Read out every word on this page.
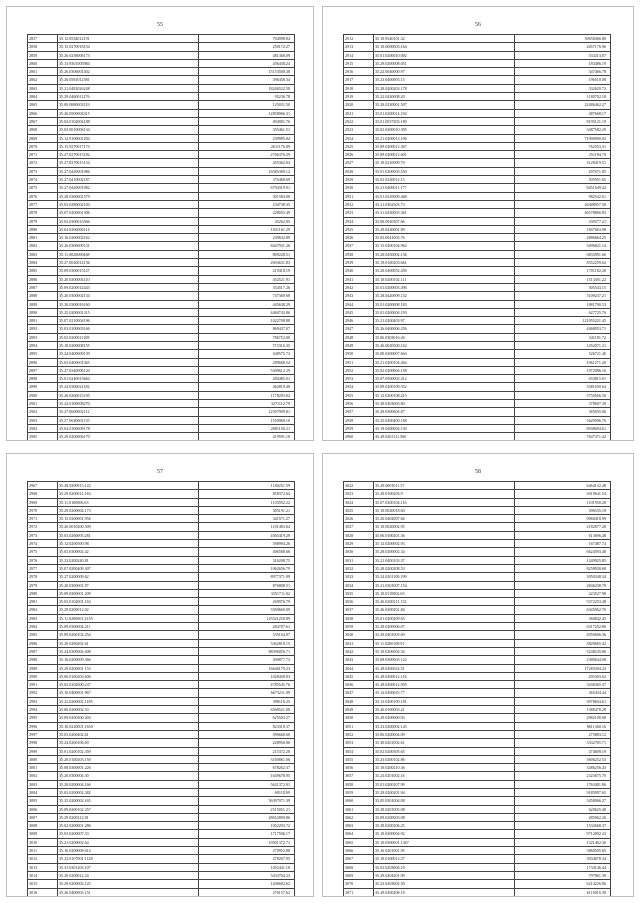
55
2857	35.12.8534012191	704998.84
2858	35.15.0270918154	250172.27
2859	35.26.0258006173	481368.09
2860	35.13.9301005984	456438.24
2861	35.26.0306001402	15153500.38
2862	35.26.0581012581	396458.34
2863	35.21.0481026248	18246522.58
2864	35.29.0460011276	95236.78
2865	35.00.0680003119	125031.50
2866	35.26.0500004315	12858066.31
2867	35.04.0102004188	494901.76
2868	35.03.0010006134	355461.51
2869	35.12.9100001294	239995.84
2870	35.15.9270017173	2611176.89
2871	35.27.0270015182	2706376.29
2872	35.27.8370015154	455362.03
2873	35.27.0420001986	16585369.12
2874	35.27.0410002187	376468.69
2875	35.27.0420001982	6794319.91
2876	35.28.0300001579	301584.08
2877	35.03.0280002184	104738.35
2878	35.07.0200001306	228055.49
2879	35.03.0300013566	45262.95
2880	35.04.0260006114	1031161.29
2881	35.16.0200002162	239632.89
2882	35.26.0300009131	8447931.26
2883	35.11.0020000468	809228.51
2884	35.27.0020014156	2694631.83
2885	35.09.0300015127	219418.19
2886	35.20.0300004110	452521.91
2887	35.09.0200012443	354517.26
2888	35.20.0300002134	747369.68
2889	35.20.0300016160	445638.29
2890	35.25.0200001315	4460743.86
2891	35.07.0210004196	1022708.88
2892	35.03.0100003166	869437.07
2893	35.03.0200011108	786752.00
2894	35.18.0200008155	715316.35
2895	35.24.0400009139	348575.73
2896	35.03.0400001365	289668.54
2897	35.27.0340006120	5309612.29
2898	35.01.0240013664	284485.01
2899	35.24.0300021182	462819.48
2900	35.26.0260015195	1178293.02
2901	35.24.0100008270	3271112.79
2902	35.27.0600002112	12507909.81
2903	35.27.0020001135	1550969.10
2904	35.04.0100009178	2081150.21
2905	35.29.0200006170	419591.18

56
2912	35.10.9340101.32	39658466.80
2913	35.10.0000003.164	2657176.96
2914	35.01.0200010.092	533213.07
2915	35.29.0200008.051	183486.19
2916	35.22.0040000.97	347466.78
2917	35.23.0400003.15	196510.08
2918	35.28.0200203.178	332629.72
2919	35.22.0430008.20	1180702.18
2920	35.20.0230001.507	22486462.27
2921	35.01.0200014.192	487668.17
2922	35.01.0037303.180	8195121.19
2923	35.02.0200010.395	3487582.29
2924	35.21.0200013.196	71900900.92
2925	35.09.0200012.367	762553.31
2926	35.09.0200012.601	251184.70
2927	35.10.0210009.70	3128419.51
2928	35.01.0200003.550	297671.85
2929	35.02.0230012.15	505951.65
2930	35.21.0400011.177	8451649.42
2931	35.01.0210009.468	982542.61
2932	35.21.0302503.73	26388957.58
2933	35.31.0430003.361	46578866.83
2934	35.08.0920307.66	439377.21
2935	35.29.0430001.89	1847663.08
2936	35.05.0041003.76	2886664.25
2937	35.15.0200104.962	3496821.14
2938	35.20.0450002.136	6835091.66
2939	35.19.0100203.661	8352259.62
2940	35.20.0400052.450	1701182.28
2941	35.10.0200102.111	1513301.22
2942	35.01.0200003.496	305543.15
2943	35.28.0420009.152	5109237.21
2944	35.01.0200008.183	1881790.53
2945	35.01.0200004.193	627725.76
2946	35.21.0200403.97	121055221.45
2947	35.26.0400006.256	4468053.71
2948	35.06.0303016.26	341181.72
2949	35.26.0020500.162	1452071.21
2950	35.00.0200007.664	526721.40
2951	35.21.0200104.464	1061271.20
2952	35.02.0200004.158	1072086.16
2953	35.07.0500003.412	653815.01
2954	35.09.0200109.352	3381650.64
2955	35.12.0200108.215	5750566.56
2956	35.30.0303003.80	378607.39
2957	35.29.0300604.87	365835.06
2958	35.25.0200400.168	5629596.76
2959	35.19.0400004.130	8038694.61
2960	35.29.0201111.560	7647371.42

57
2967	35.28.9200915.122	1180251.59
2968	35.29.0200012.163	858372.64
2969	35.11.0100006.63	1103592.22
2970	35.29.0200004.173	305191.21
2971	35.15.0200001.956	341571.27
2972	35.26.0010200.309	1101483.64
2973	35.03.0260005.281	4565419.29
2974	35.12.0200500.98	598994.26
2975	35.03.0300002.42	406568.66
2976	35.23.0200240.81	316208.75
2977	35.07.0200409.307	1062656.79
2978	35.27.0200009.62	8977371.99
2979	35.20.0300001.97	876808.51
2980	35.09.0300001.209	3351711.02
2981	35.03.0102001.163	269976.79
2982	35.29.0200012.02	3569660.09
2983	35.11.0200001.3135	125321250.89
2984	35.09.0300004.211	284707.61
2985	35.09.0200102.254	535164.07
2986	35.20.0200202.61	5362818.15
2987	35.24.0300004.408	88396056.71
2988	35.16.0200009.366	309877.73
2989	35.29.0200001.153	16646179.23
2990	35.06.0100203.606	1028458.83
2991	35.02.0102000.237	4785545.76
2992	35.10.0400001.967	6673211.09
2993	35.22.0200002.1185	398118.25
2994	35.06.0200002.54	6568521.08
2995	35.09.0200300.403	625503.27
2996	35.10.0220001.1650	823318.37
2997	35.03.0200402.61	590668.60
2998	35.24.0200106.69	228956.86
2999	35.01.0200102.359	215372.28
3000	35.20.0100203.150	3160861.06
3001	35.08.0300001.226	678262.37
3002	35.20.0300004.30	1649678.95
3003	35.20.0200004.166	5621372.91
3004	35.03.0200002.382	69118.09
3005	35.25.0200002.165	56397071.39
3006	35.09.0200102.257	2515051.21
3007	35.29.0200312.81	28652800.86
3008	35.02.0200001.286	1052293.72
3009	35.03.0200007.33	1717506.17
3010	35.21.0200002.64	19501372.71
3011	35.16.0200008.614	270952.88
3012	35.23.0107001.1128	278207.95
3013	35.31.0301203.107	1052441.18
3014	35.20.0200012.24	5433704.23
3015	35.29.0200002.125	1436602.62
3016	35.26.0400003.151	276157.62

58
3022	35.29.0001011.57	6464132.48
3023	35.20.0100203.9	3019641.54
3024	35.07.0200104.116	1101950.28
3025	35.10.0020018.60	396535.18
3026	35.26.0402007.66	9060418.99
3027	35.10.0020002.95	2182877.28
3028	35.06.0100201.36	613696.48
3029	35.12.0200002.93	167487.74
3030	35.28.0200002.34	6624593.48
3031	35.21.0400103.37	1249925.85
3032	35.28.0200208.53	8258930.68
3033	35.24.0201109.199	3050348.34
3034	35.21.0301007.154	2846238.78
3035	35.10.0110002.65	423527.98
3036	35.26.0200211.152	5372253.48
3037	35.26.0200201.84	6345062.76
3038	35.01.0200209.65	360842.45
3039	35.28.0200006.07	6317252.86
3040	35.20.0401003.69	4950606.36
3041	35.11.0200109.91	3829665.42
3042	35.10.0200004.34	5248235.86
3043	35.08.0300003.122	2380644.08
3044	35.28.0200024.51	17283394.24
3045	35.28.0200012.116	295303.62
3046	35.28.0200012.595	3436365.37
3047	35.12.0200025.77	365434.44
3048	35.13.0200109.181	3078604.61
3049	35.26.0100003.21	1380478.28
3050	35.29.0200000.03	2982108.08
3051	35.23.0200002.145	8611360.16
3052	35.06.0200004.09	275883.12
3053	35.30.0201002.61	3332705.71
3054	35.02.0200305.65	474609.19
3055	35.23.0200102.86	3606252.53
3056	35.10.0200210.36	3486256.43
3057	35.23.0201002.16	2323675.70
3058	35.01.0200107.99	1763401.86
3059	35.29.0200201.94	9185997.65
3060	35.05.0301004.08	3458066.27
3061	35.29.0201005.08	620625.48
3062	35.09.0200003.08	285062.26
3063	35.29.0200206.25	1532668.37
3064	35.10.0200004.92	9712092.23
3065	35.10.0300001.1367	1321462.30
3066	35.16.0201001.95	3860505.65
3067	35.10.0100012.37	3034678.34
3068	35.02.0203004.18	1734146.44
3069	35.29.0204201.99	797861.39
3070	35.23.0203002.50	6214226.86
3071	35.29.0200208.18	6110016.39
